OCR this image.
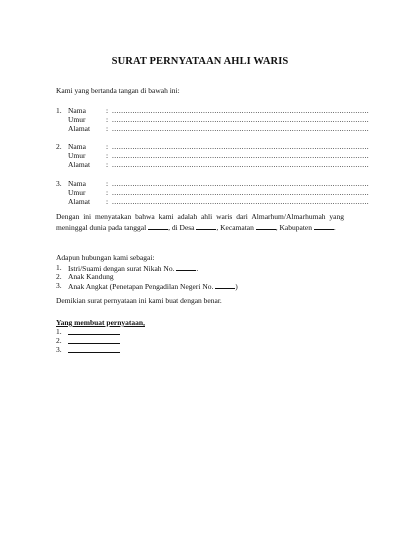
SURAT PERNYATAAN AHLI WARIS
Kami yang bertanda tangan di bawah ini:
1. Nama	: .................................................................................................................
Umur	: .................................................................................................................
Alamat : .................................................................................................................
2. Nama	: .................................................................................................................
Umur	: .................................................................................................................
Alamat : .................................................................................................................
3. Nama	: .................................................................................................................
Umur	: .................................................................................................................
Alamat : .................................................................................................................
Dengan ini menyatakan bahwa kami adalah ahli waris dari Almarhum/Almarhumah yang meninggal dunia pada tanggal	, di Desa	, Kecamatan	, Kabupaten	.
Adapun hubungan kami sebagai:
1. Istri/Suami dengan surat Nikah No.	.
2. Anak Kandung
3. Anak Angkat (Penetapan Pengadilan Negeri No.	)
Demikian surat pernyataan ini kami buat dengan benar.
Yang membuat pernyataan,
1.
2.
3.
